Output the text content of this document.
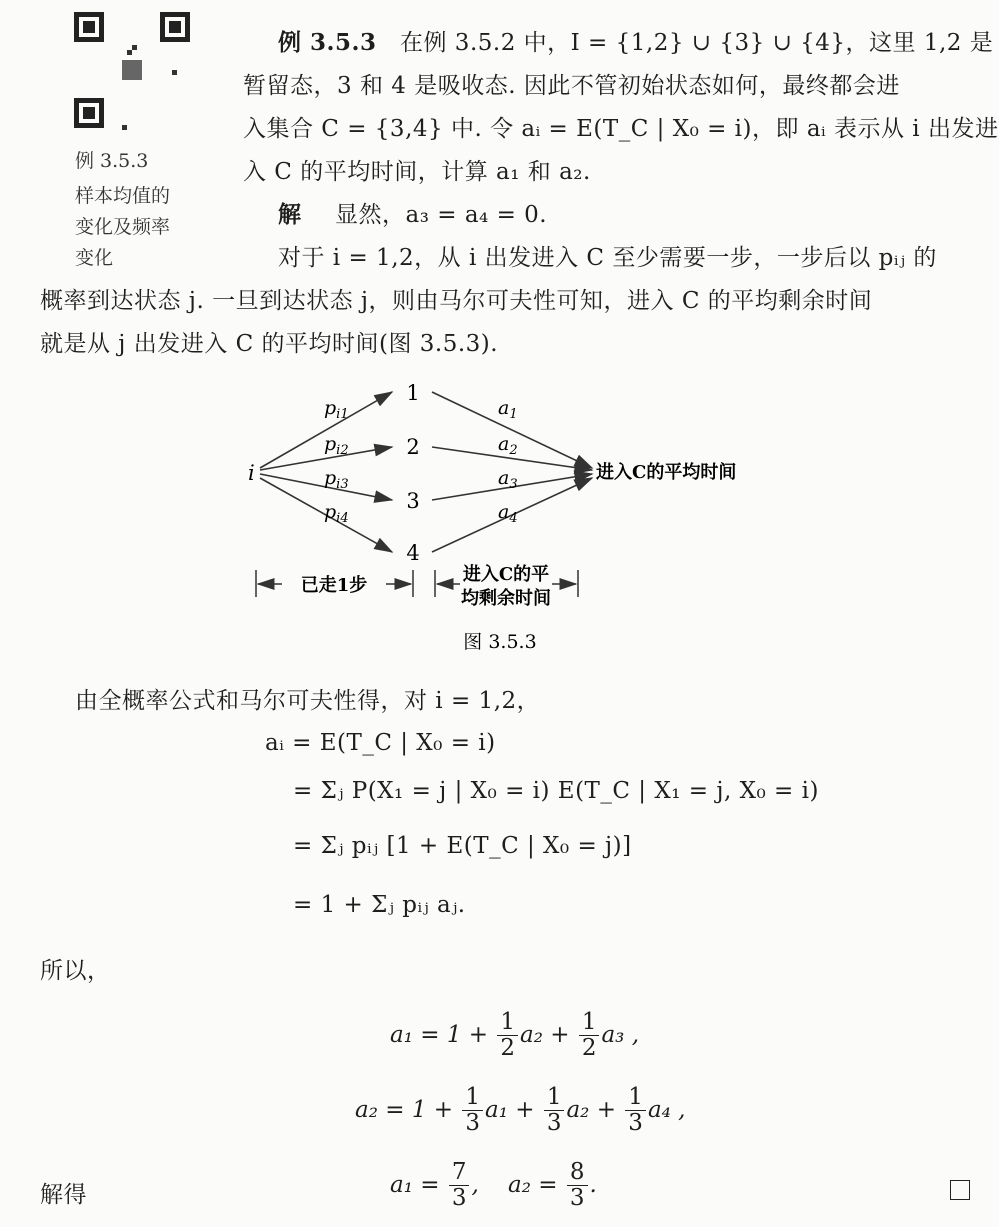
例 3.5.3
样本均值的
变化及频率
变化
例 3.5.3 在例 3.5.2 中，I = {1,2} ∪ {3} ∪ {4}，这里 1,2 是
暂留态，3 和 4 是吸收态. 因此不管初始状态如何，最终都会进
入集合 C = {3,4} 中. 令 aᵢ = E(T_C | X₀ = i)，即 aᵢ 表示从 i 出发进
入 C 的平均时间，计算 a₁ 和 a₂.
解 显然，a₃ = a₄ = 0.
对于 i = 1,2，从 i 出发进入 C 至少需要一步，一步后以 pᵢⱼ 的
概率到达状态 j. 一旦到达状态 j，则由马尔可夫性可知，进入 C 的平均剩余时间
就是从 j 出发进入 C 的平均时间(图 3.5.3).
i
1
2
3
4
$p_{i1}$
$p_{i2}$
$p_{i3}$
$p_{i4}$
$a_1$
$a_2$
$a_3$
$a_4$
进入C的平均时间
已走1步
进入C的平
均剩余时间
图 3.5.3
由全概率公式和马尔可夫性得，对 i = 1,2，
aᵢ = E(T_C | X₀ = i)
= Σⱼ P(X₁ = j | X₀ = i) E(T_C | X₁ = j, X₀ = i)
= Σⱼ pᵢⱼ [1 + E(T_C | X₀ = j)]
= 1 + Σⱼ pᵢⱼ aⱼ.
所以，
$a_1 = 1 + \frac{1}{2} a_2 + \frac{1}{2} a_3$ ,
$a_2 = 1 + \frac{1}{3} a_1 + \frac{1}{3} a_2 + \frac{1}{3} a_4$ ,
解得	$a_1 = \frac{7}{3}$ ,    $a_2 = \frac{8}{3}$ .
